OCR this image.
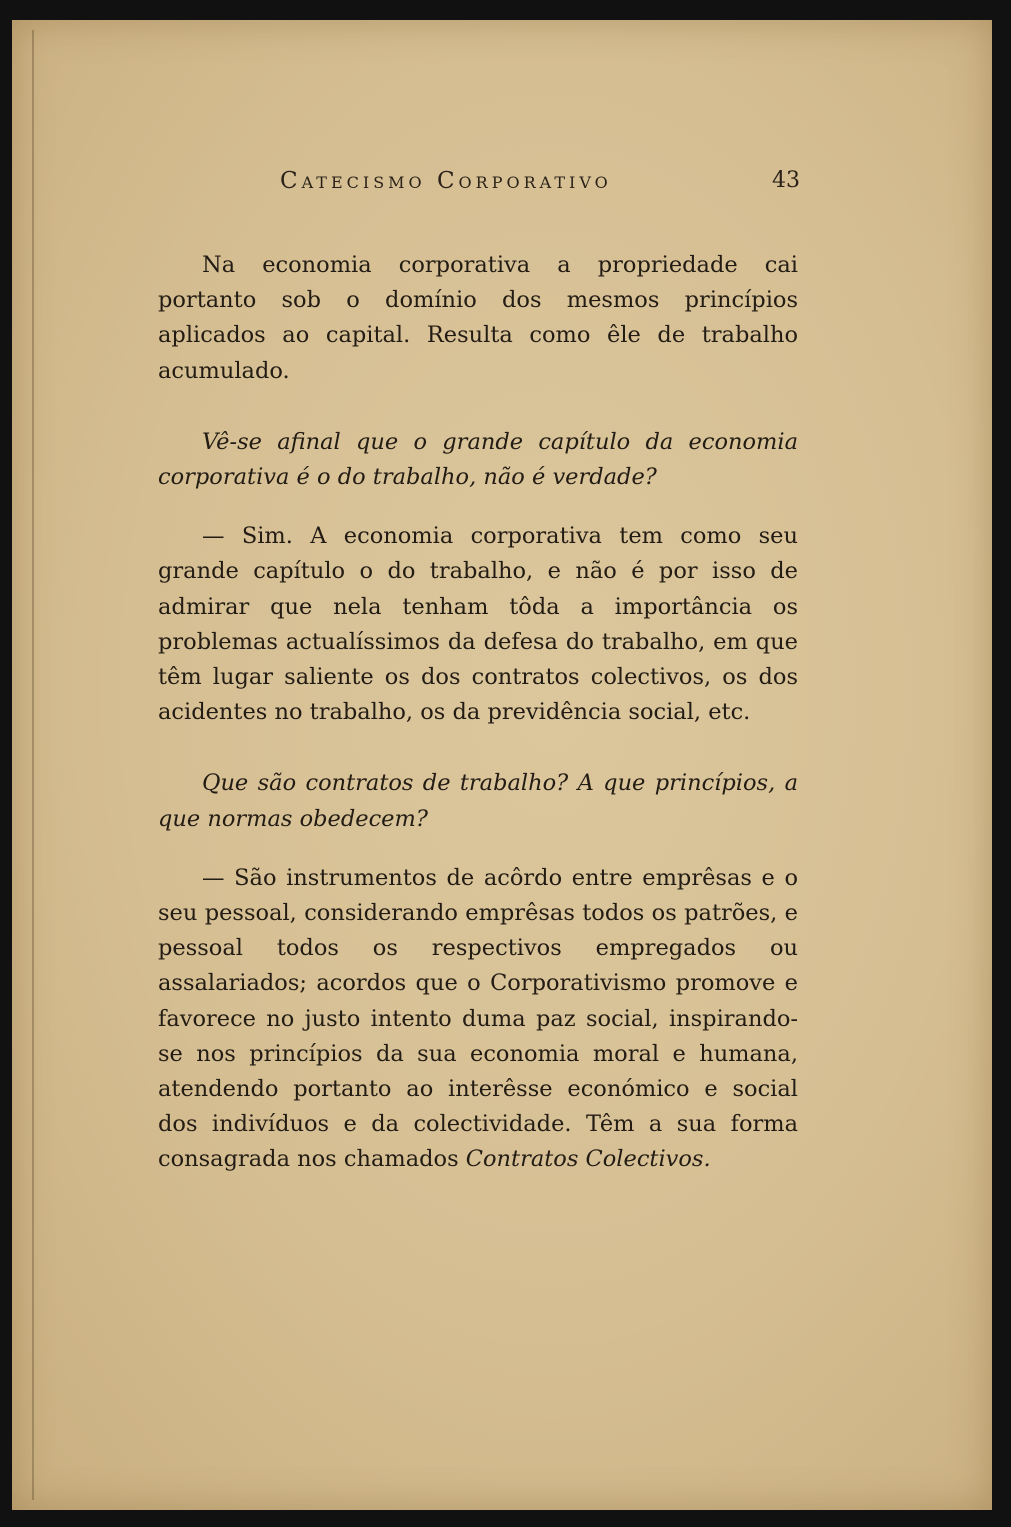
Catecismo Corporativo	43

Na economia corporativa a propriedade cai portanto sob o domínio dos mesmos princípios aplicados ao capital. Resulta como êle de trabalho acumulado.

Vê-se afinal que o grande capítulo da economia corporativa é o do trabalho, não é verdade?

— Sim. A economia corporativa tem como seu grande capítulo o do trabalho, e não é por isso de admirar que nela tenham tôda a importância os problemas actualíssimos da defesa do trabalho, em que têm lugar saliente os dos contratos colectivos, os dos acidentes no trabalho, os da previdência social, etc.

Que são contratos de trabalho? A que princípios, a que normas obedecem?

— São instrumentos de acôrdo entre emprêsas e o seu pessoal, considerando emprêsas todos os patrões, e pessoal todos os respectivos empregados ou assalariados; acordos que o Corporativismo promove e favorece no justo intento duma paz social, inspirando-se nos princípios da sua economia moral e humana, atendendo portanto ao interêsse económico e social dos indivíduos e da colectividade. Têm a sua forma consagrada nos chamados Contratos Colectivos.
